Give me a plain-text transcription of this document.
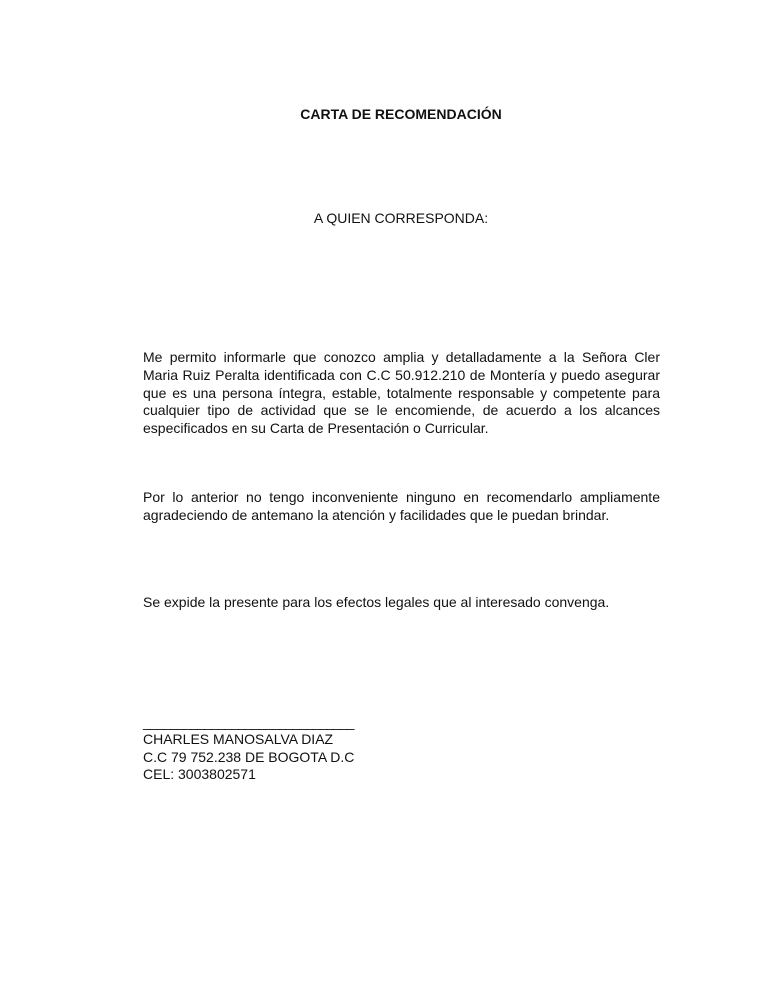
CARTA DE RECOMENDACIÓN
A QUIEN CORRESPONDA:
Me permito informarle que conozco amplia y detalladamente a la Señora Cler Maria Ruiz Peralta identificada con C.C 50.912.210 de Montería y puedo asegurar que es una persona íntegra, estable, totalmente responsable y competente para cualquier tipo de actividad que se le encomiende, de acuerdo a los alcances especificados en su Carta de Presentación o Curricular.
Por lo anterior no tengo inconveniente ninguno en recomendarlo ampliamente agradeciendo de antemano la atención y facilidades que le puedan brindar.
Se expide la presente para los efectos legales que al interesado convenga.
_______________________________
CHARLES MANOSALVA DIAZ
C.C 79 752.238 DE BOGOTA D.C
CEL: 3003802571
